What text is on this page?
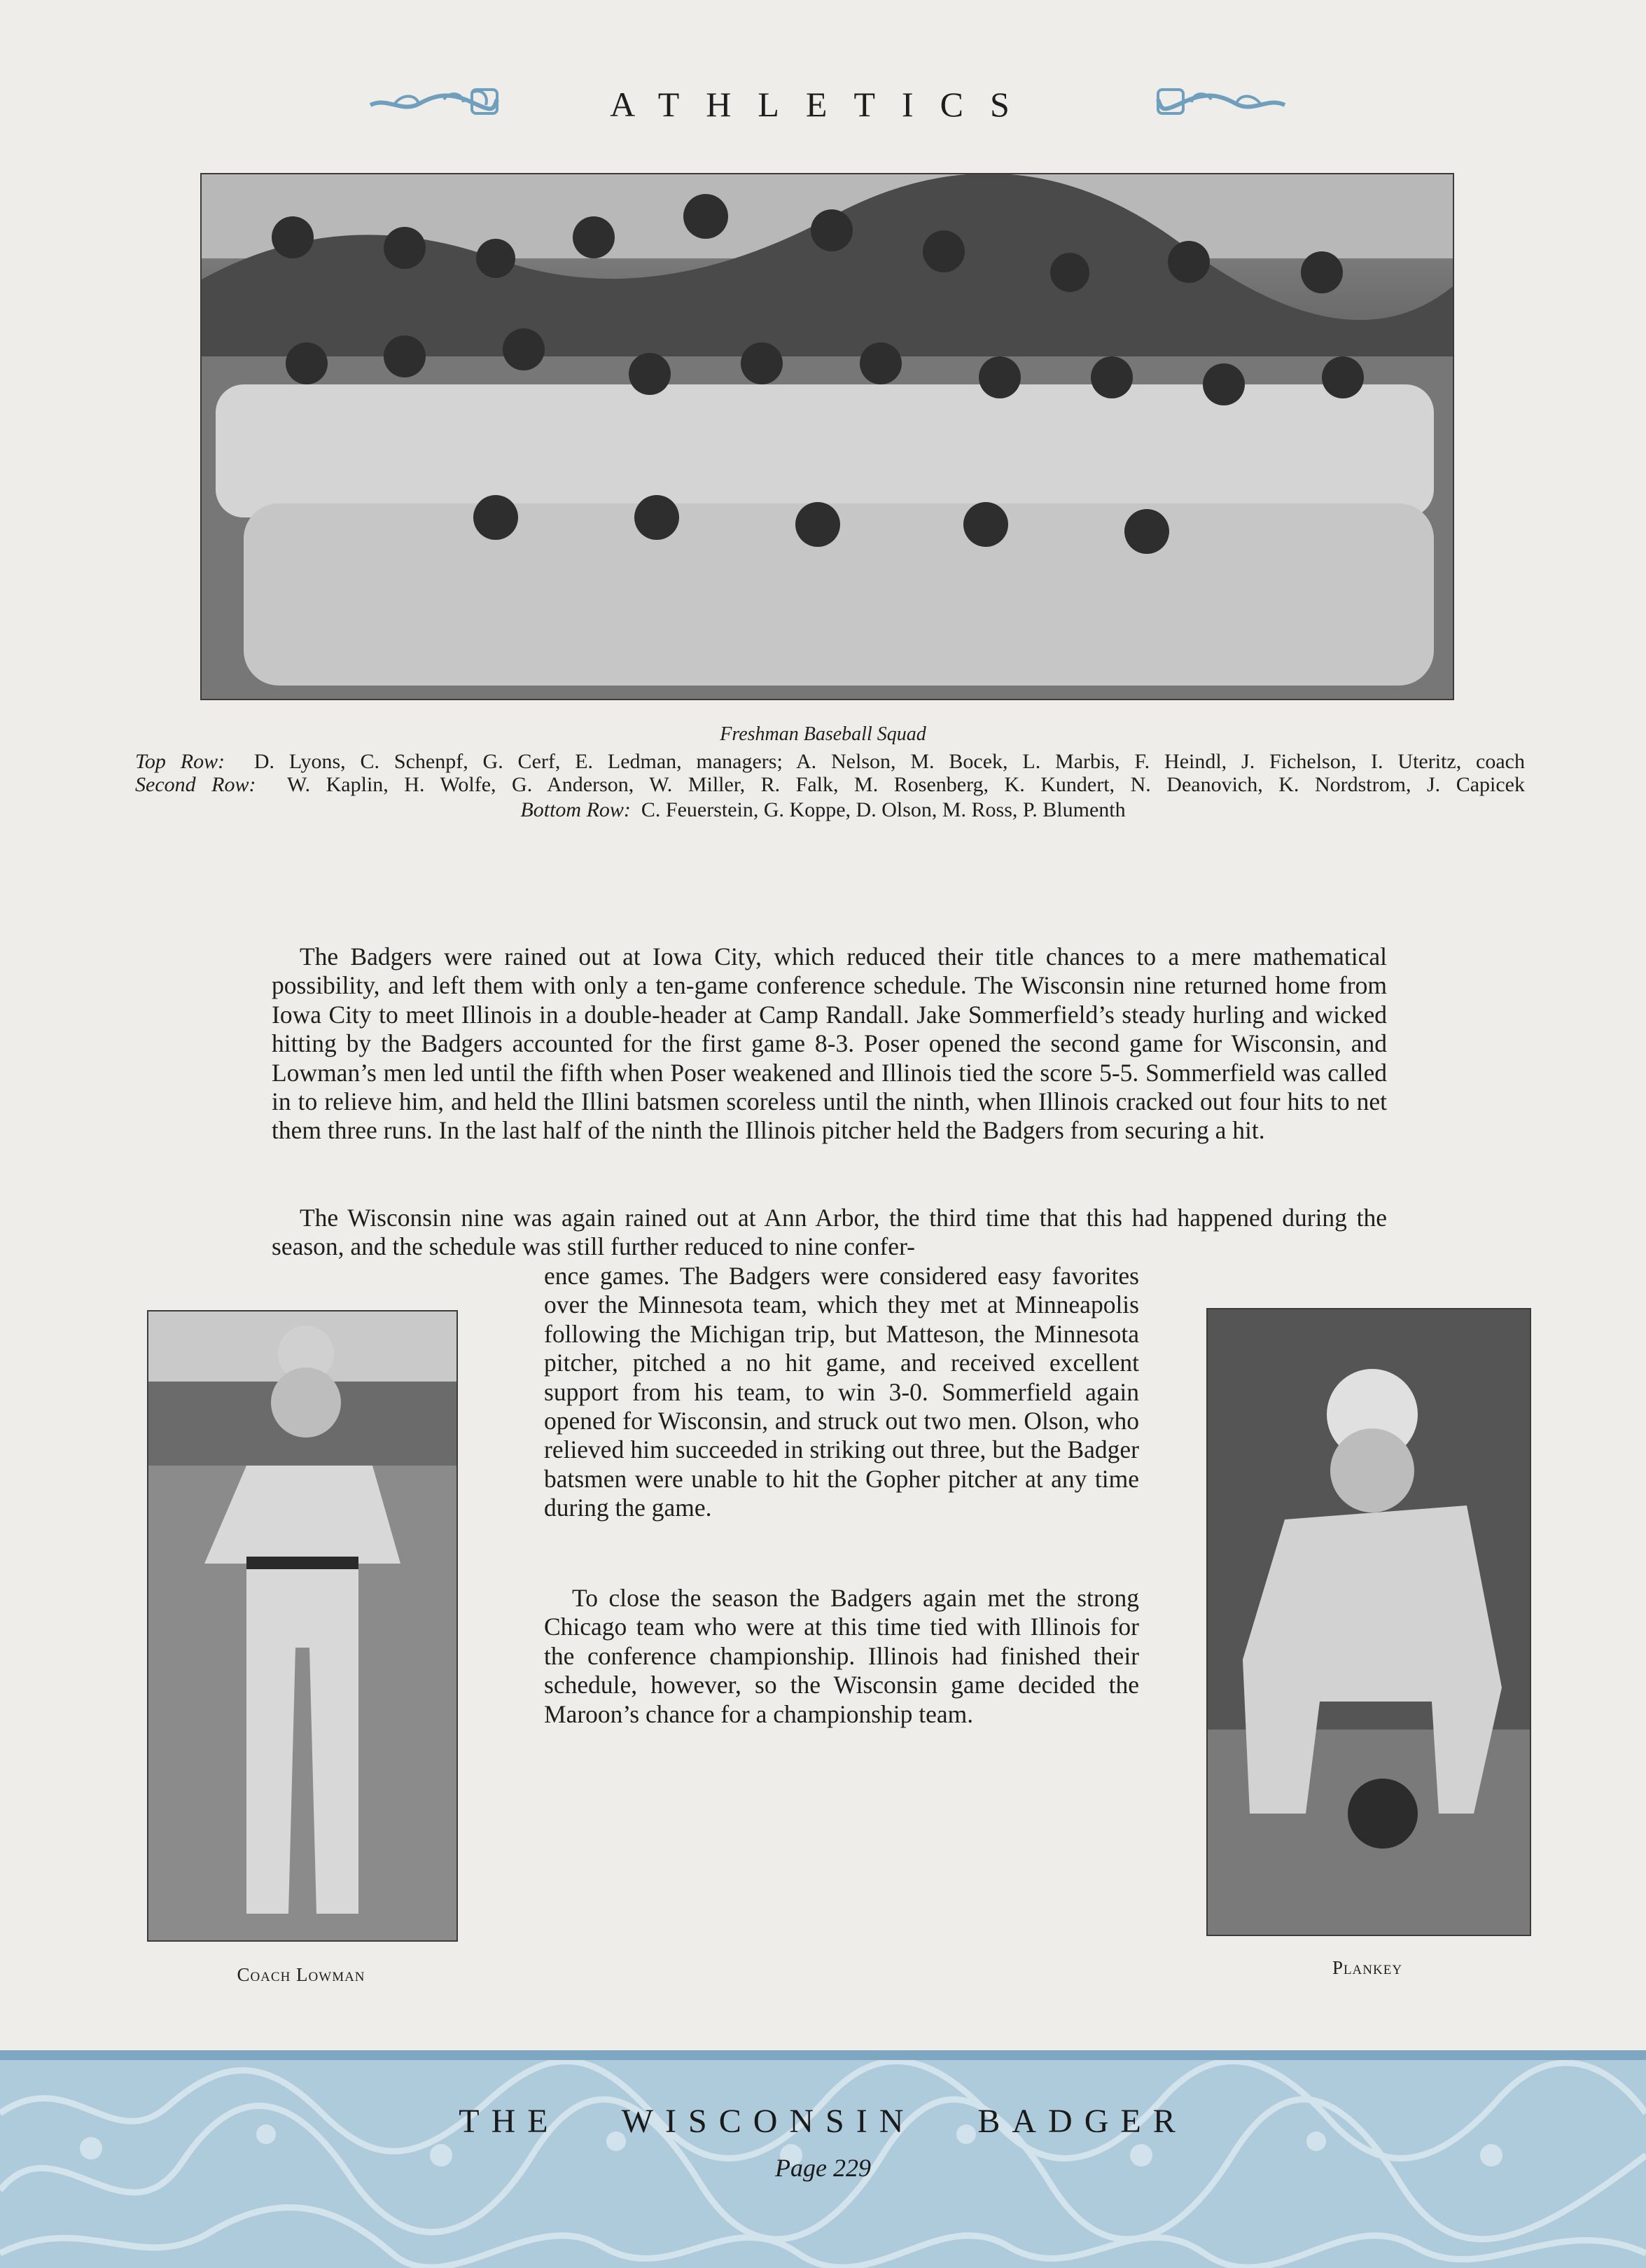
ATHLETICS
Freshman Baseball Squad
Top Row: D. Lyons, C. Schenpf, G. Cerf, E. Ledman, managers; A. Nelson, M. Bocek, L. Marbis, F. Heindl, J. Fichelson, I. Uteritz, coach
Second Row: W. Kaplin, H. Wolfe, G. Anderson, W. Miller, R. Falk, M. Rosenberg, K. Kundert, N. Deanovich, K. Nordstrom, J. Capicek
Bottom Row: C. Feuerstein, G. Koppe, D. Olson, M. Ross, P. Blumenth

The Badgers were rained out at Iowa City, which reduced their title chances to a mere mathematical possibility, and left them with only a ten-game conference schedule. The Wisconsin nine returned home from Iowa City to meet Illinois in a double-header at Camp Randall. Jake Sommerfield’s steady hurling and wicked hitting by the Badgers accounted for the first game 8-3. Poser opened the second game for Wisconsin, and Lowman’s men led until the fifth when Poser weakened and Illinois tied the score 5-5. Sommerfield was called in to relieve him, and held the Illini batsmen scoreless until the ninth, when Illinois cracked out four hits to net them three runs. In the last half of the ninth the Illinois pitcher held the Badgers from securing a hit.

The Wisconsin nine was again rained out at Ann Arbor, the third time that this had happened during the season, and the schedule was still further reduced to nine confer-

ence games. The Badgers were considered easy favorites over the Minnesota team, which they met at Minneapolis following the Michigan trip, but Matteson, the Minnesota pitcher, pitched a no hit game, and received excellent support from his team, to win 3-0. Sommerfield again opened for Wisconsin, and struck out two men. Olson, who relieved him succeeded in striking out three, but the Badger batsmen were unable to hit the Gopher pitcher at any time during the game.

To close the season the Badgers again met the strong Chicago team who were at this time tied with Illinois for the conference championship. Illinois had finished their schedule, however, so the Wisconsin game decided the Maroon’s chance for a championship team.

Coach Lowman	Plankey
THE WISCONSIN BADGER
Page 229
